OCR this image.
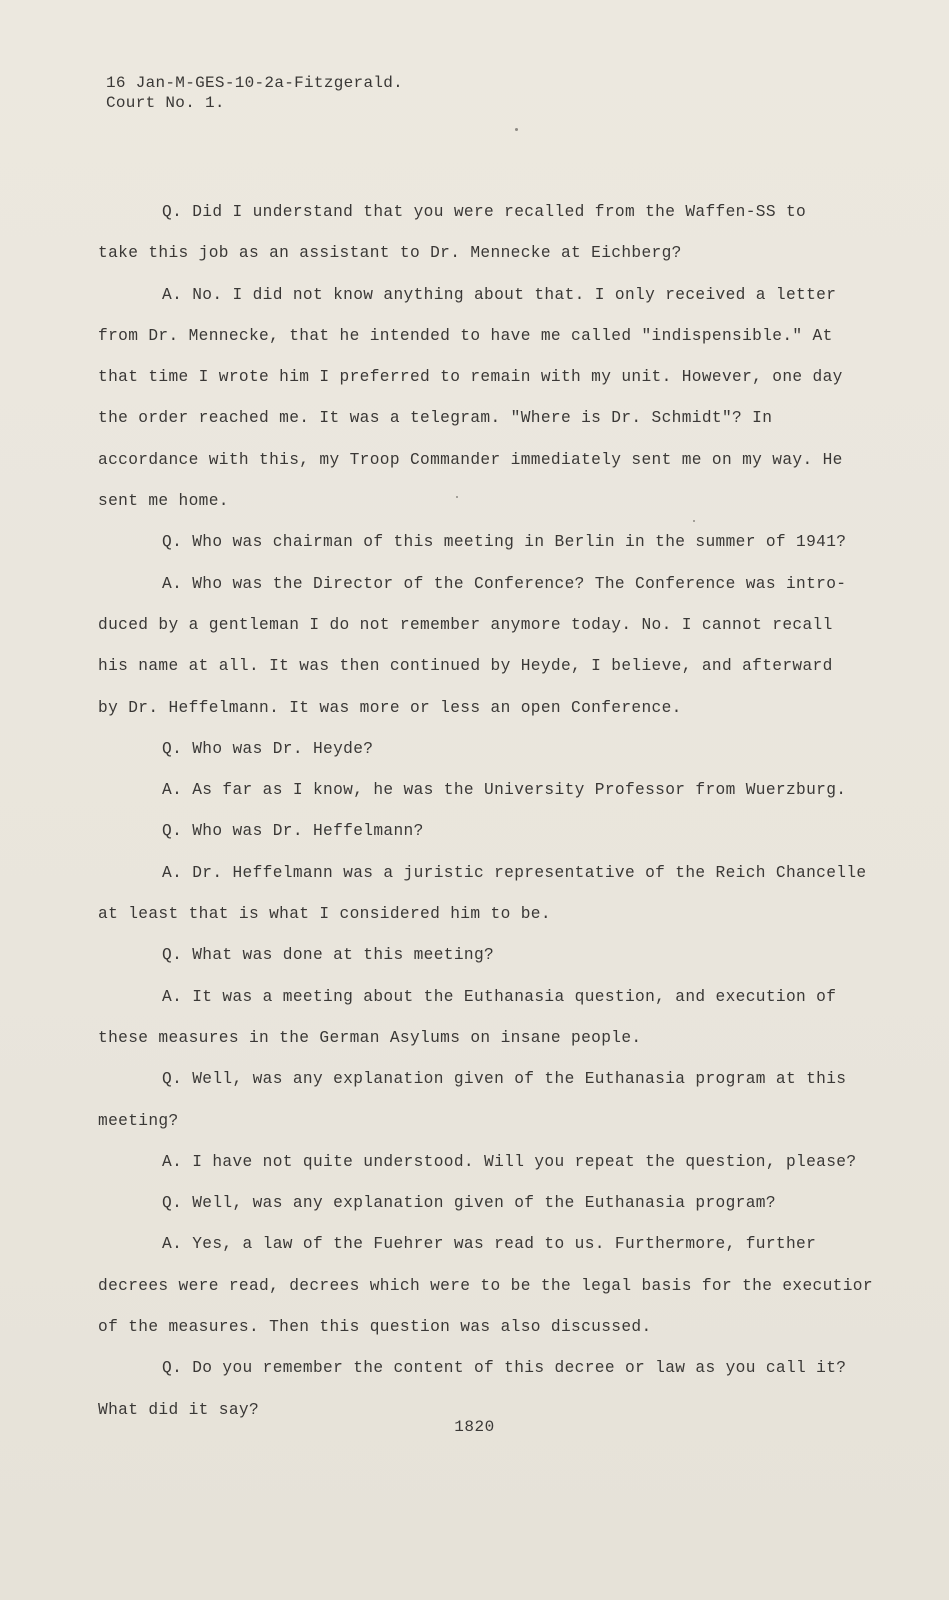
16 Jan-M-GES-10-2a-Fitzgerald.
Court No. 1.
Q. Did I understand that you were recalled from the Waffen-SS to
take this job as an assistant to Dr. Mennecke at Eichberg?
A. No. I did not know anything about that. I only received a letter
from Dr. Mennecke, that he intended to have me called "indispensible." At
that time I wrote him I preferred to remain with my unit. However, one day
the order reached me. It was a telegram. "Where is Dr. Schmidt"? In
accordance with this, my Troop Commander immediately sent me on my way. He
sent me home.
Q. Who was chairman of this meeting in Berlin in the summer of 1941?
A. Who was the Director of the Conference? The Conference was intro-
duced by a gentleman I do not remember anymore today. No. I cannot recall
his name at all. It was then continued by Heyde, I believe, and afterward
by Dr. Heffelmann. It was more or less an open Conference.
Q. Who was Dr. Heyde?
A. As far as I know, he was the University Professor from Wuerzburg.
Q. Who was Dr. Heffelmann?
A. Dr. Heffelmann was a juristic representative of the Reich Chancelle
at least that is what I considered him to be.
Q. What was done at this meeting?
A. It was a meeting about the Euthanasia question, and execution of
these measures in the German Asylums on insane people.
Q. Well, was any explanation given of the Euthanasia program at this
meeting?
A. I have not quite understood. Will you repeat the question, please?
Q. Well, was any explanation given of the Euthanasia program?
A. Yes, a law of the Fuehrer was read to us. Furthermore, further
decrees were read, decrees which were to be the legal basis for the executior
of the measures. Then this question was also discussed.
Q. Do you remember the content of this decree or law as you call it?
What did it say?
1820
